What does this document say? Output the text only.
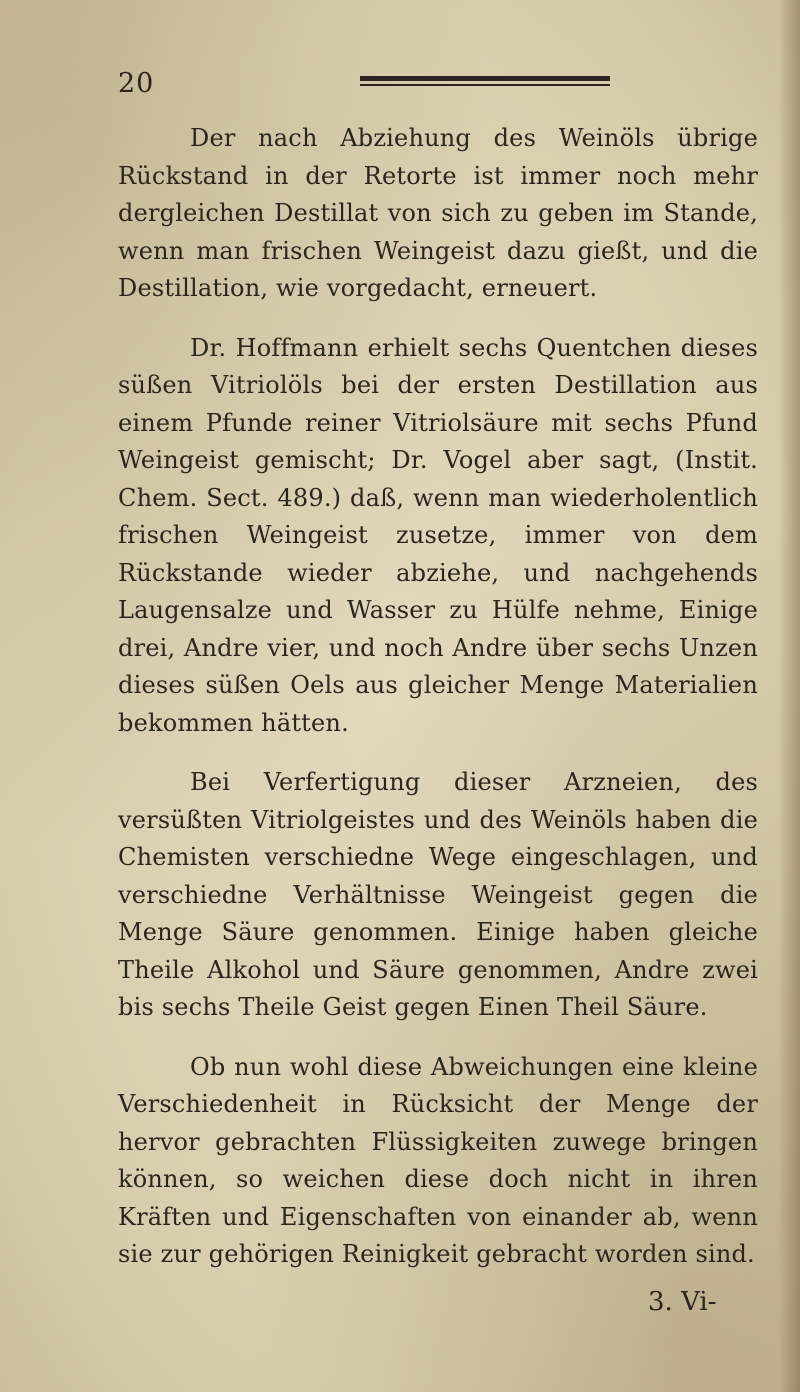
20

Der nach Abziehung des Weinöls übrige Rückstand in der Retorte ist immer noch mehr dergleichen Destillat von sich zu geben im Stande, wenn man frischen Weingeist dazu gießt, und die Destillation, wie vorgedacht, erneuert.

Dr. Hoffmann erhielt sechs Quentchen dieses süßen Vitriolöls bei der ersten Destillation aus einem Pfunde reiner Vitriolsäure mit sechs Pfund Weingeist gemischt; Dr. Vogel aber sagt, (Instit. Chem. Sect. 489.) daß, wenn man wiederholentlich frischen Weingeist zusetze, immer von dem Rückstande wieder abziehe, und nachgehends Laugensalze und Wasser zu Hülfe nehme, Einige drei, Andre vier, und noch Andre über sechs Unzen dieses süßen Oels aus gleicher Menge Materialien bekommen hätten.

Bei Verfertigung dieser Arzneien, des versüßten Vitriolgeistes und des Weinöls haben die Chemisten verschiedne Wege eingeschlagen, und verschiedne Verhältnisse Weingeist gegen die Menge Säure genommen. Einige haben gleiche Theile Alkohol und Säure genommen, Andre zwei bis sechs Theile Geist gegen Einen Theil Säure.

Ob nun wohl diese Abweichungen eine kleine Verschiedenheit in Rücksicht der Menge der hervor gebrachten Flüssigkeiten zuwege bringen können, so weichen diese doch nicht in ihren Kräften und Eigenschaften von einander ab, wenn sie zur gehörigen Reinigkeit gebracht worden sind.

3. Vi-
